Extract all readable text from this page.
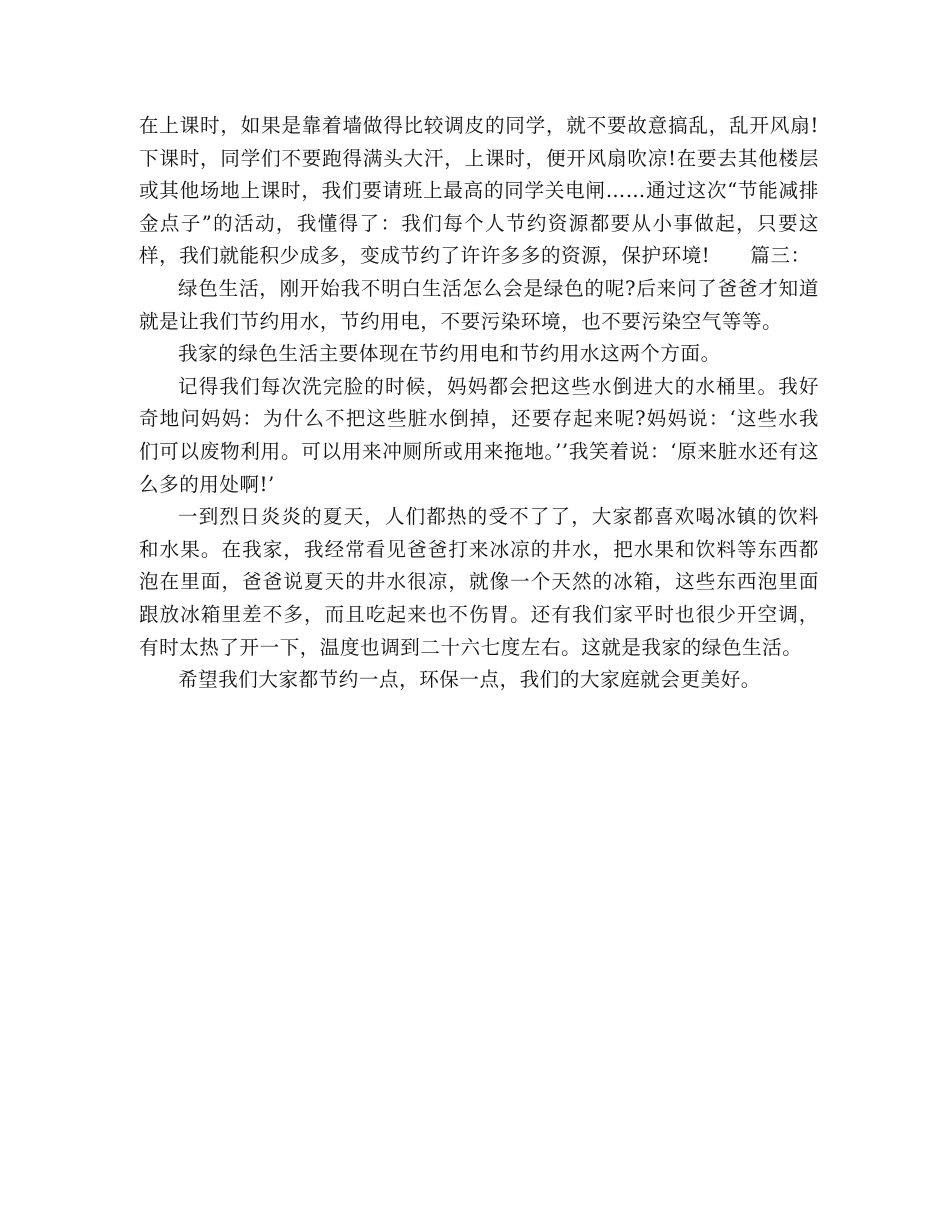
在上课时，如果是靠着墙做得比较调皮的同学，就不要故意搞乱，乱开风扇!下课时，同学们不要跑得满头大汗，上课时，便开风扇吹凉!在要去其他楼层或其他场地上课时，我们要请班上最高的同学关电闸……通过这次“节能减排金点子”的活动，我懂得了：我们每个人节约资源都要从小事做起，只要这样，我们就能积少成多，变成节约了许许多多的资源，保护环境!　　篇三：

绿色生活，刚开始我不明白生活怎么会是绿色的呢?后来问了爸爸才知道就是让我们节约用水，节约用电，不要污染环境，也不要污染空气等等。

我家的绿色生活主要体现在节约用电和节约用水这两个方面。

记得我们每次洗完脸的时候，妈妈都会把这些水倒进大的水桶里。我好奇地问妈妈：为什么不把这些脏水倒掉，还要存起来呢?妈妈说：‘这些水我们可以废物利用。可以用来冲厕所或用来拖地。’’我笑着说：‘原来脏水还有这么多的用处啊!’

一到烈日炎炎的夏天，人们都热的受不了了，大家都喜欢喝冰镇的饮料和水果。在我家，我经常看见爸爸打来冰凉的井水，把水果和饮料等东西都泡在里面，爸爸说夏天的井水很凉，就像一个天然的冰箱，这些东西泡里面跟放冰箱里差不多，而且吃起来也不伤胃。还有我们家平时也很少开空调，有时太热了开一下，温度也调到二十六七度左右。这就是我家的绿色生活。

希望我们大家都节约一点，环保一点，我们的大家庭就会更美好。
